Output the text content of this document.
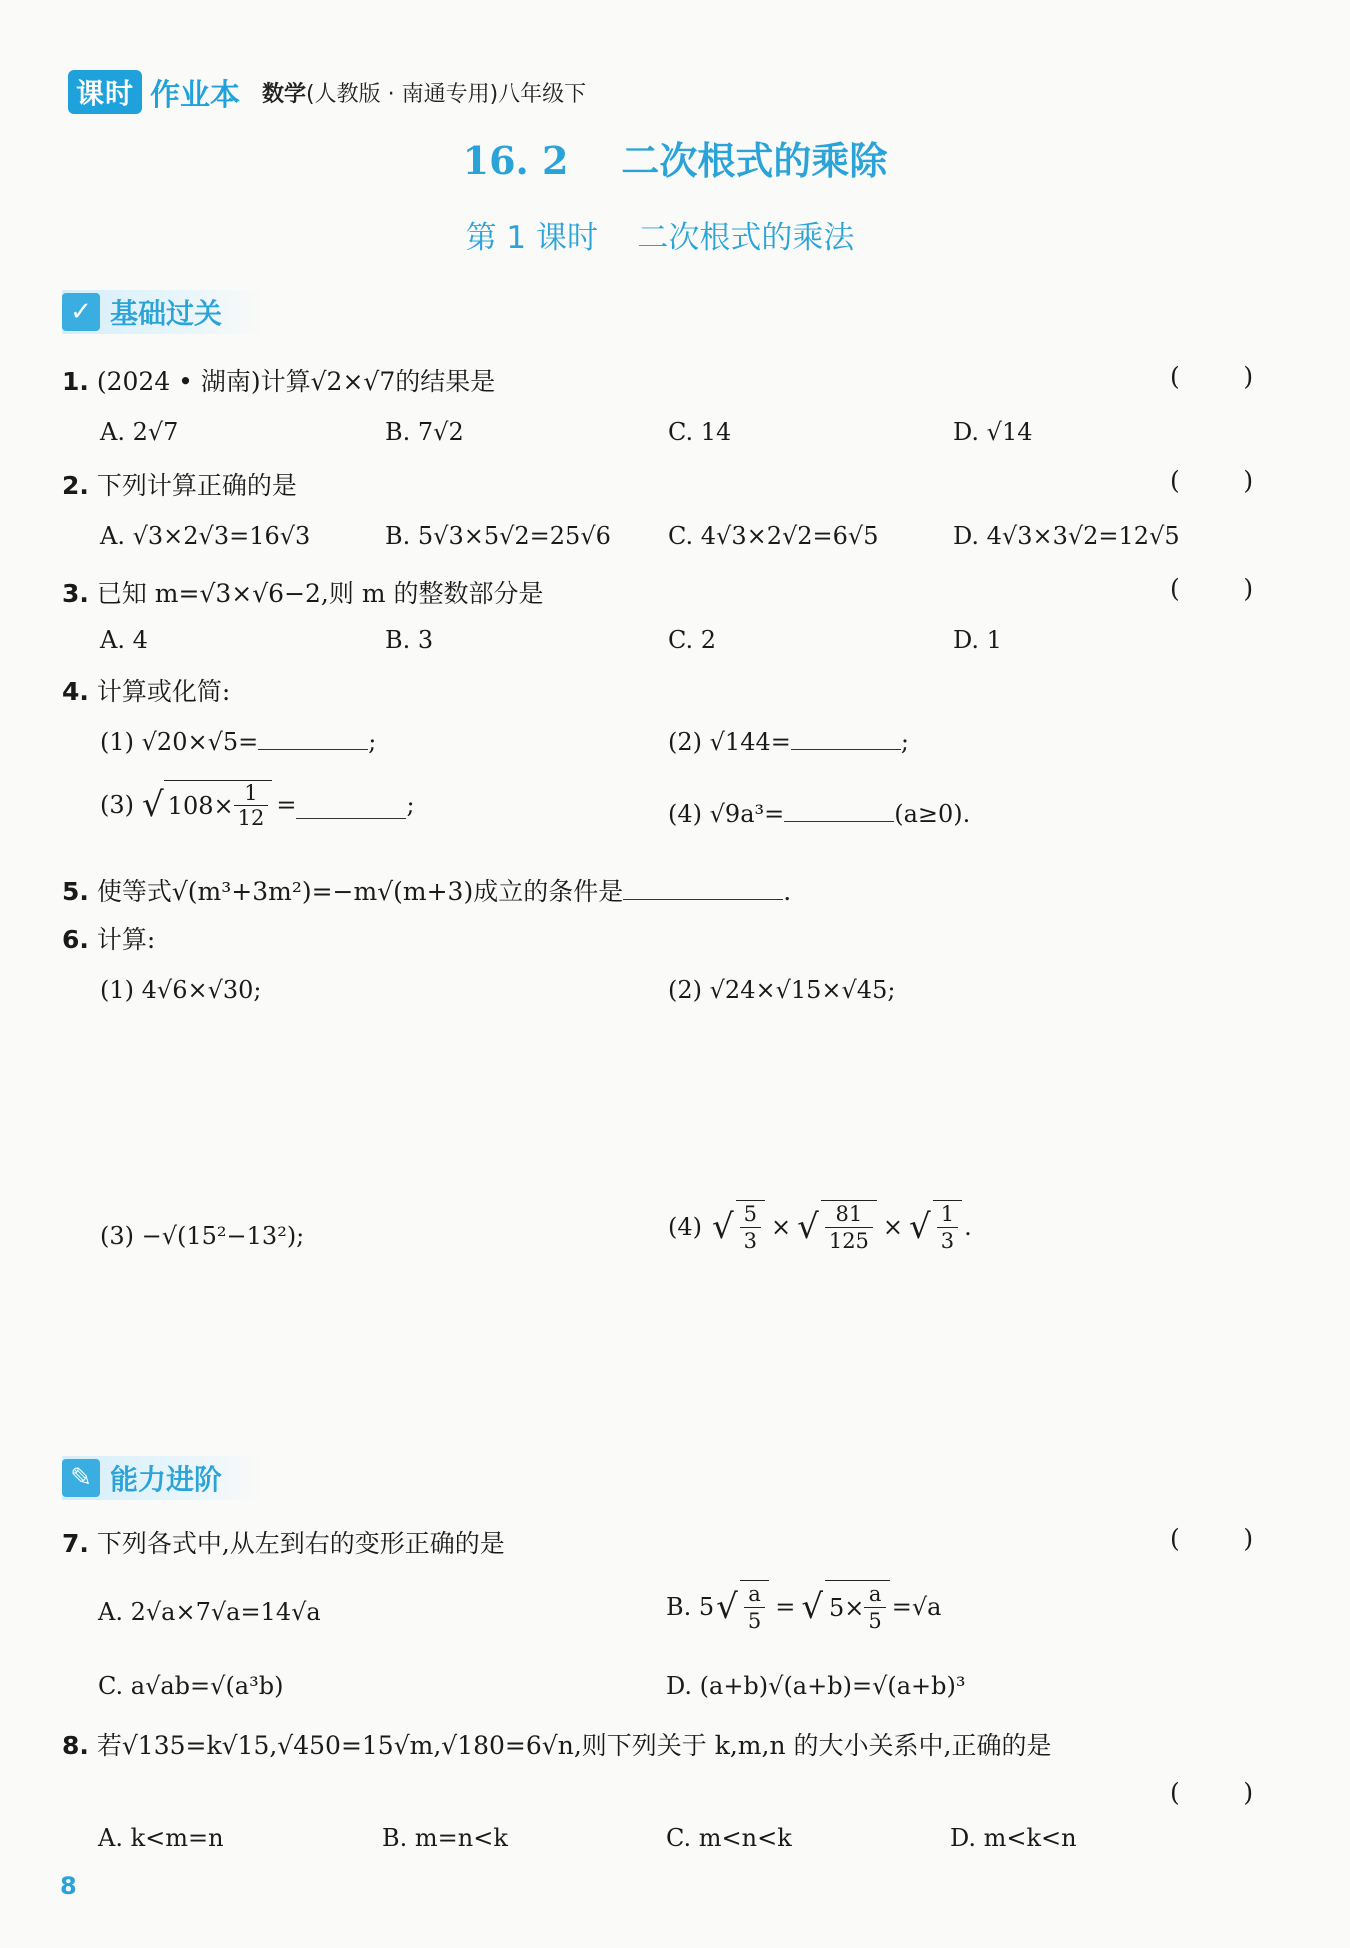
课时 作业本 数学(人教版 · 南通专用)八年级下
16. 2    二次根式的乘除
第 1 课时    二次根式的乘法
✓ 基础过关
1. (2024 • 湖南)计算√2×√7的结果是	(        )
A. 2√7	B. 7√2	C. 14	D. √14
2. 下列计算正确的是	(        )
A. √3×2√3=16√3	B. 5√3×5√2=25√6 C. 4√3×2√2=6√5	D. 4√3×3√2=12√5
3. 已知 m=√3×√6−2,则 m 的整数部分是	(        )
A. 4	B. 3	C. 2	D. 1
4. 计算或化简:
(1) √20×√5=	;	(2) √144=	;
(3) √ $108\times \frac{1}{12}$ =	;	(4) √9a³=	(a≥0).
5. 使等式√(m³+3m²)=−m√(m+3)成立的条件是	.
6. 计算:
(1) 4√6×√30;	(2) √24×√15×√45;
(3) −√(15²−13²);	(4) √ $\frac{5}{3}$ × √ $\frac{81}{125}$ × √ $\frac{1}{3}$ .
✎ 能力进阶
7. 下列各式中,从左到右的变形正确的是	(        )
A. 2√a×7√a=14√a	B. 5 √ $\frac{a}{5}$ = √ $5\times \frac{a}{5} =√a$
C. a√ab=√(a³b)	D. (a+b)√(a+b)=√(a+b)³
8. 若√135=k√15,√450=15√m,√180=6√n,则下列关于 k,m,n 的大小关系中,正确的是
(        )
A. k<m=n	B. m=n<k	C. m<n<k	D. m<k<n
8
